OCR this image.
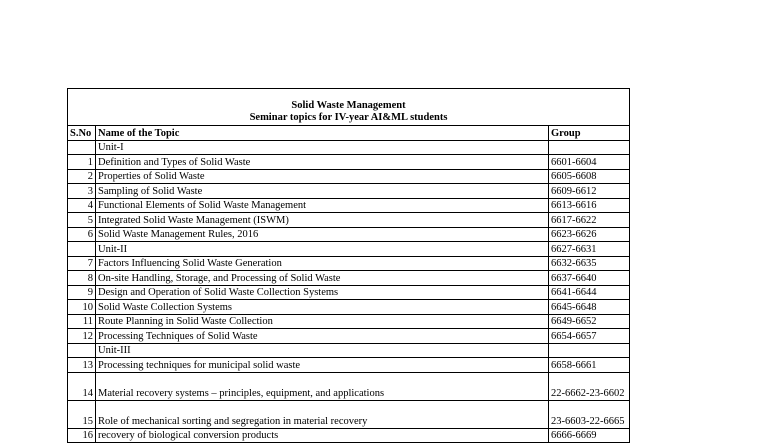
Solid Waste Management
Seminar topics for IV-year AI&ML students		

S.No	Name of the Topic	Group
	Unit-I	
1	Definition and Types of Solid Waste	6601-6604
2	Properties of Solid Waste	6605-6608
3	Sampling of Solid Waste	6609-6612
4	Functional Elements of Solid Waste Management	6613-6616
5	Integrated Solid Waste Management (ISWM)	6617-6622
6	Solid Waste Management Rules, 2016	6623-6626
	Unit-II	6627-6631
7	Factors Influencing Solid Waste Generation	6632-6635
8	On-site Handling, Storage, and Processing of Solid Waste	6637-6640
9	Design and Operation of Solid Waste Collection Systems	6641-6644
10	Solid Waste Collection Systems	6645-6648
11	Route Planning in Solid Waste Collection	6649-6652
12	Processing Techniques of Solid Waste	6654-6657
	Unit-III	
13	Processing techniques for municipal solid waste	6658-6661
14	Material recovery systems – principles, equipment, and applications	22-6662-23-6602
15	Role of mechanical sorting and segregation in material recovery	23-6603-22-6665
16	recovery of biological conversion products	6666-6669
